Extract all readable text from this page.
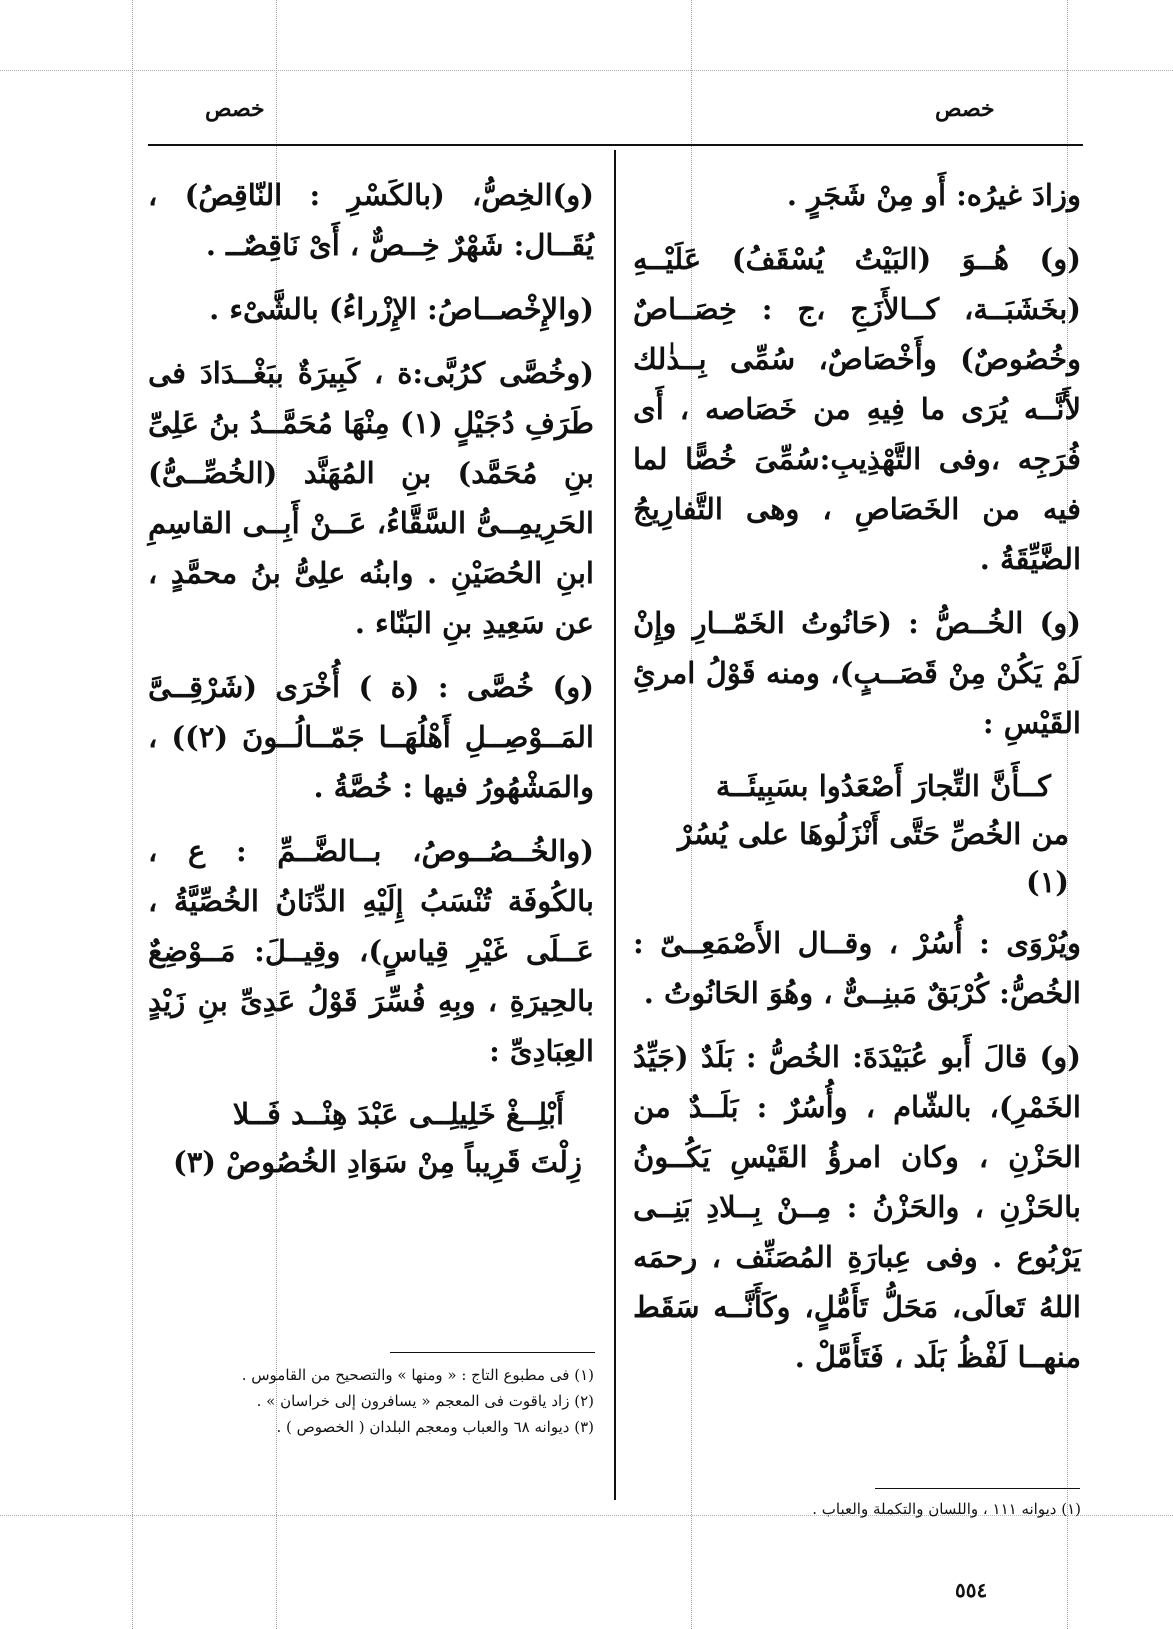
خصص
خصص

وزادَ غيرُه: أَو مِنْ شَجَرٍ .

(و) هُــوَ (البَيْتُ يُسْقَفُ) عَلَيْــهِ (بخَشَبَــة، كــالأَزَجِ ،ج : خِصَــاصٌ وخُصُوصٌ) وأَخْصَاصٌ، سُمِّى بِــذٰلك لأَنَّــه يُرَى ما فِيهِ من خَصَاصه ، أَى فُرَجِه ،وفى التَّهْذِيبِ:سُمِّىَ خُصًّا لما فيه من الخَصَاصِ ، وهى التَّفارِيجُ الضَّيِّقَةُ .

(و) الخُــصُّ : (حَانُوتُ الخَمّــارِ وإِنْ لَمْ يَكُنْ مِنْ قَصَــبٍ)، ومنه قَوْلُ امرئِ القَيْسِ :

كــأَنَّ التِّجارَ أَصْعَدُوا بسَبِيئَــة
من الخُصِّ حَتَّى أَنْزَلُوهَا على يُسُرْ (١)

ويُرْوَى : أُسُرْ ، وقــال الأَصْمَعِــىّ : الخُصُّ: كُرْبَقٌ مَبنِــىٌّ ، وهُوَ الحَانُوتُ .

(و) قالَ أَبو عُبَيْدَةَ: الخُصُّ : بَلَدٌ (جَيِّدُ الخَمْرِ)، بالشّام ، وأُسُرٌ : بَلَــدٌ من الحَزْنِ ، وكان امرؤُ القَيْسِ يَكُــونُ بالحَزْنِ ، والحَزْنُ : مِــنْ بِــلادِ بَنِــى يَرْبُوع . وفى عِبارَةِ المُصَنِّف ، رحمَه اللهُ تَعالَى، مَحَلُّ تَأَمُّلٍ، وكَأَنَّــه سَقَط منهــا لَفْظُ بَلَد ، فَتَأَمَّلْ .

(و)الخِصُّ، (بالكَسْرِ : النّاقِصُ) ، يُقَــال: شَهْرٌ خِــصٌّ ، أَىْ نَاقِصٌــ .

(والإِخْصــاصُ: الإِزْراءُ) بالشَّىْء .

(وخُصَّى كرُبَّى:ة ، كَبِيرَةٌ ببَغْــدَادَ فى طَرَفِ دُجَيْلٍ (١) مِنْهَا مُحَمَّــدُ بنُ عَلِىِّ بنِ مُحَمَّد) بنِ المُهَنَّد (الخُصِّــىُّ) الحَرِيمِــىُّ السَّقَّاءُ، عَــنْ أَبِــى القاسِمِ ابنِ الحُصَيْنِ . وابنُه علِىُّ بنُ محمَّدٍ ، عن سَعِيدِ بنِ البَنّاء .

(و) خُصَّى : (ة ) أُخْرَى (شَرْقِــىَّ المَــوْصِــلِ أَهْلُهَــا جَمّــالُــونَ (٢)) ، والمَشْهُورُ فيها : خُصَّةُ .

(والخُــصُــوصُ، بــالضَّــمِّ : ع ، بالكُوفَة تُنْسَبُ إِلَيْهِ الدِّنَانُ الخُصِّيَّةُ ، عَــلَى غَيْرِ قِياسٍ)، وقِيــلَ: مَــوْضِعٌ بالحِيرَةِ ، وبِهِ فُسِّرَ قَوْلُ عَدِىِّ بنِ زَيْدٍ العِبَادِىِّ :

أَبْلِــغْ خَلِيلِــى عَبْدَ هِنْــد فَــلا
زِلْتَ قَرِيباً مِنْ سَوَادِ الخُصُوصْ (٣)
(١) فى مطبوع التاج : « ومنها » والتصحيح من القاموس .
(٢) زاد ياقوت فى المعجم « يسافرون إلى خراسان » .
(٣) ديوانه ٦٨ والعباب ومعجم البلدان ( الخصوص ) .
(١) ديوانه ١١١ ، واللسان والتكملة والعباب .
٥٥٤
